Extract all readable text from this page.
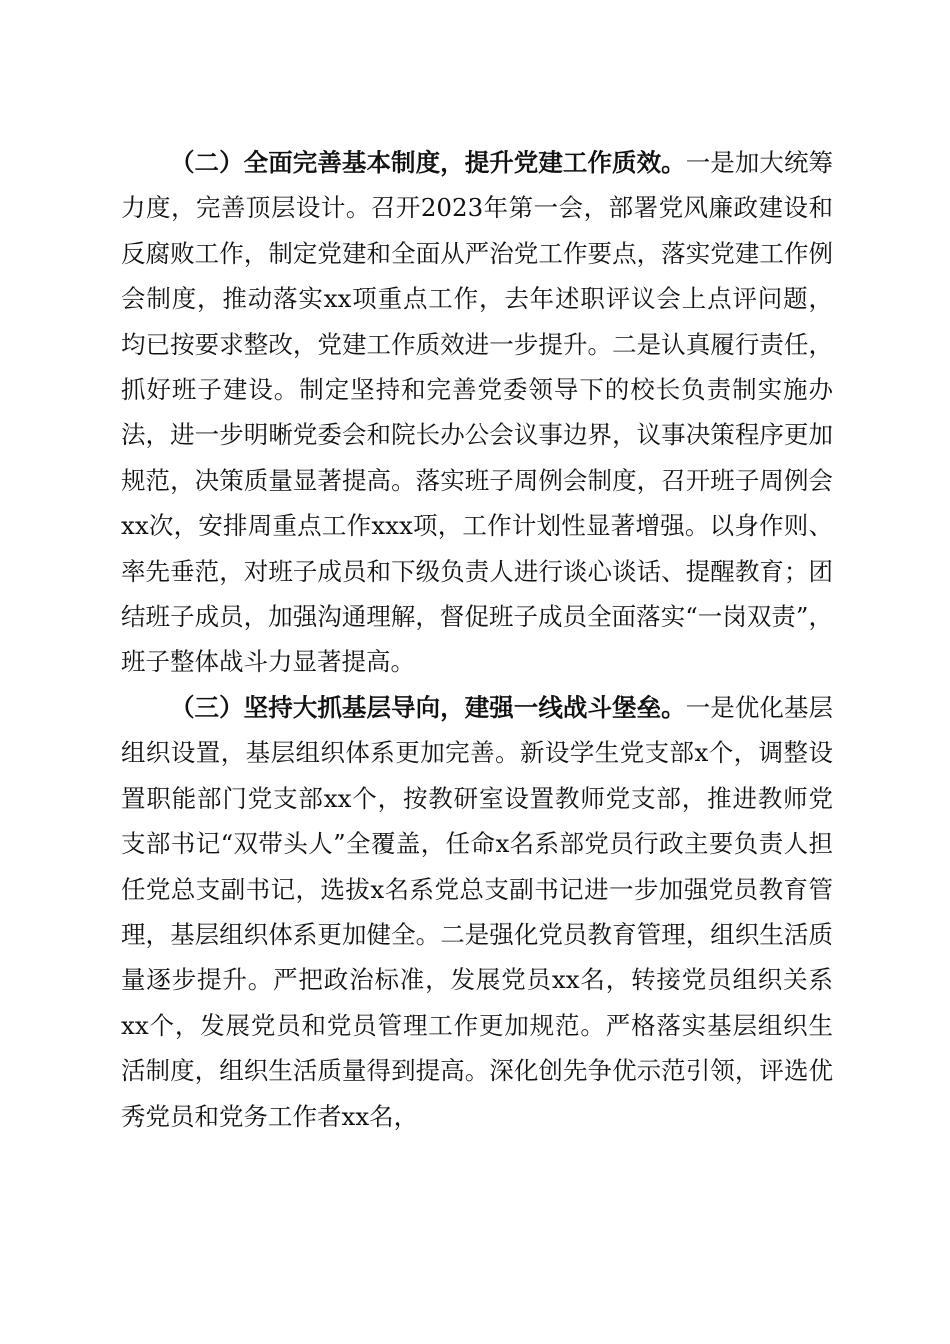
（二）全面完善基本制度，提升党建工作质效。一是加大统筹力度，完善顶层设计。召开2023年第一会，部署党风廉政建设和反腐败工作，制定党建和全面从严治党工作要点，落实党建工作例会制度，推动落实xx项重点工作，去年述职评议会上点评问题，均已按要求整改，党建工作质效进一步提升。二是认真履行责任，抓好班子建设。制定坚持和完善党委领导下的校长负责制实施办法，进一步明晰党委会和院长办公会议事边界，议事决策程序更加规范，决策质量显著提高。落实班子周例会制度，召开班子周例会xx次，安排周重点工作xxx项，工作计划性显著增强。以身作则、率先垂范，对班子成员和下级负责人进行谈心谈话、提醒教育；团结班子成员，加强沟通理解，督促班子成员全面落实“一岗双责”，班子整体战斗力显著提高。

（三）坚持大抓基层导向，建强一线战斗堡垒。一是优化基层组织设置，基层组织体系更加完善。新设学生党支部x个，调整设置职能部门党支部xx个，按教研室设置教师党支部，推进教师党支部书记“双带头人”全覆盖，任命x名系部党员行政主要负责人担任党总支副书记，选拔x名系党总支副书记进一步加强党员教育管理，基层组织体系更加健全。二是强化党员教育管理，组织生活质量逐步提升。严把政治标准，发展党员xx名，转接党员组织关系xx个，发展党员和党员管理工作更加规范。严格落实基层组织生活制度，组织生活质量得到提高。深化创先争优示范引领，评选优秀党员和党务工作者xx名，
